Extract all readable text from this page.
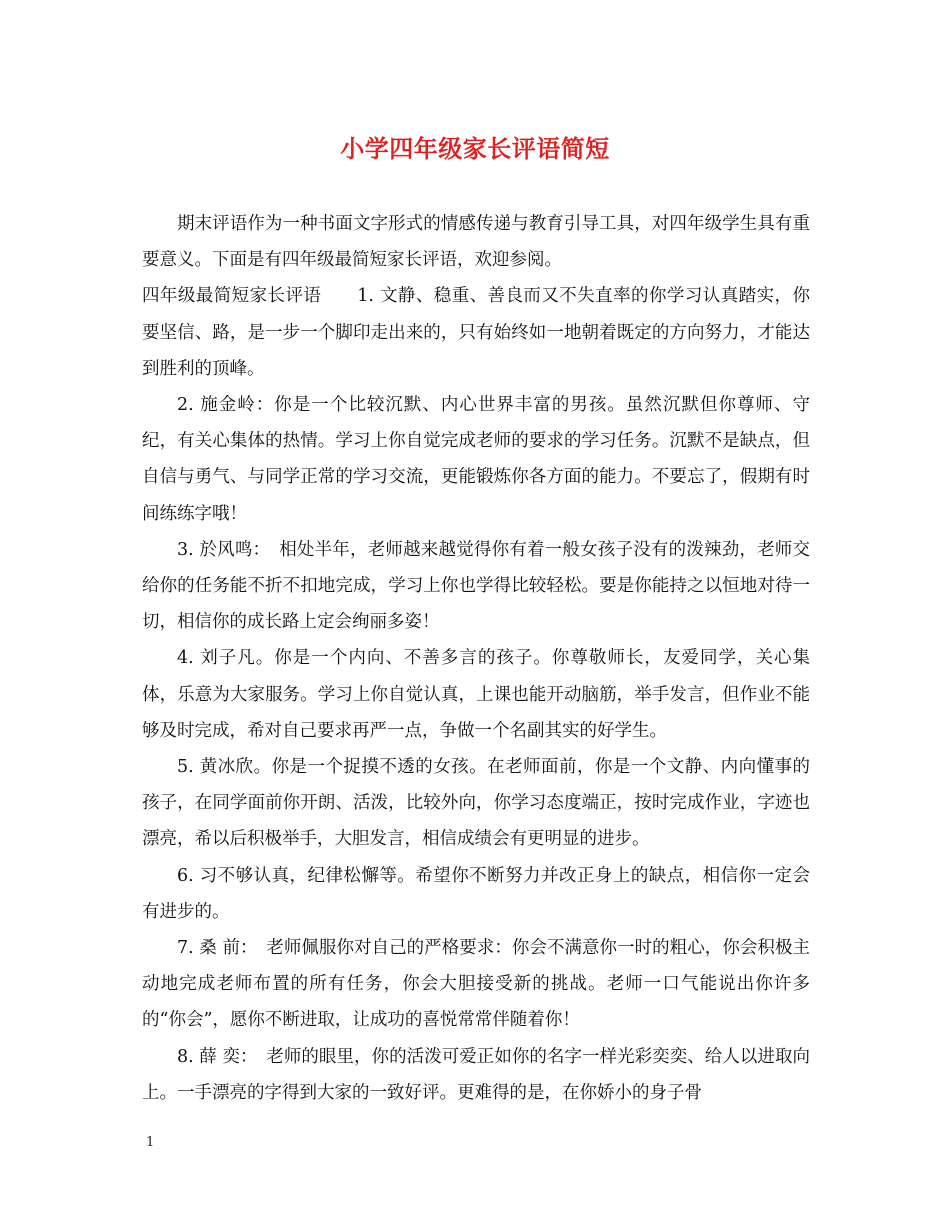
小学四年级家长评语简短

期末评语作为一种书面文字形式的情感传递与教育引导工具，对四年级学生具有重要意义。下面是有四年级最简短家长评语，欢迎参阅。

四年级最简短家长评语　　1. 文静、稳重、善良而又不失直率的你学习认真踏实，你要坚信、路，是一步一个脚印走出来的，只有始终如一地朝着既定的方向努力，才能达到胜利的顶峰。

2. 施金岭：你是一个比较沉默、内心世界丰富的男孩。虽然沉默但你尊师、守纪，有关心集体的热情。学习上你自觉完成老师的要求的学习任务。沉默不是缺点，但自信与勇气、与同学正常的学习交流，更能锻炼你各方面的能力。不要忘了，假期有时间练练字哦！

3. 於风鸣：　相处半年，老师越来越觉得你有着一般女孩子没有的泼辣劲，老师交给你的任务能不折不扣地完成，学习上你也学得比较轻松。要是你能持之以恒地对待一切，相信你的成长路上定会绚丽多姿！

4. 刘子凡。你是一个内向、不善多言的孩子。你尊敬师长，友爱同学，关心集体，乐意为大家服务。学习上你自觉认真，上课也能开动脑筋，举手发言，但作业不能够及时完成，希对自己要求再严一点，争做一个名副其实的好学生。

5. 黄冰欣。你是一个捉摸不透的女孩。在老师面前，你是一个文静、内向懂事的孩子，在同学面前你开朗、活泼，比较外向，你学习态度端正，按时完成作业，字迹也漂亮，希以后积极举手，大胆发言，相信成绩会有更明显的进步。

6. 习不够认真，纪律松懈等。希望你不断努力并改正身上的缺点，相信你一定会有进步的。

7. 桑 前：　老师佩服你对自己的严格要求：你会不满意你一时的粗心，你会积极主动地完成老师布置的所有任务，你会大胆接受新的挑战。老师一口气能说出你许多的“你会”，愿你不断进取，让成功的喜悦常常伴随着你！

8. 薛 奕：　老师的眼里，你的活泼可爱正如你的名字一样光彩奕奕、给人以进取向上。一手漂亮的字得到大家的一致好评。更难得的是，在你娇小的身子骨

1
